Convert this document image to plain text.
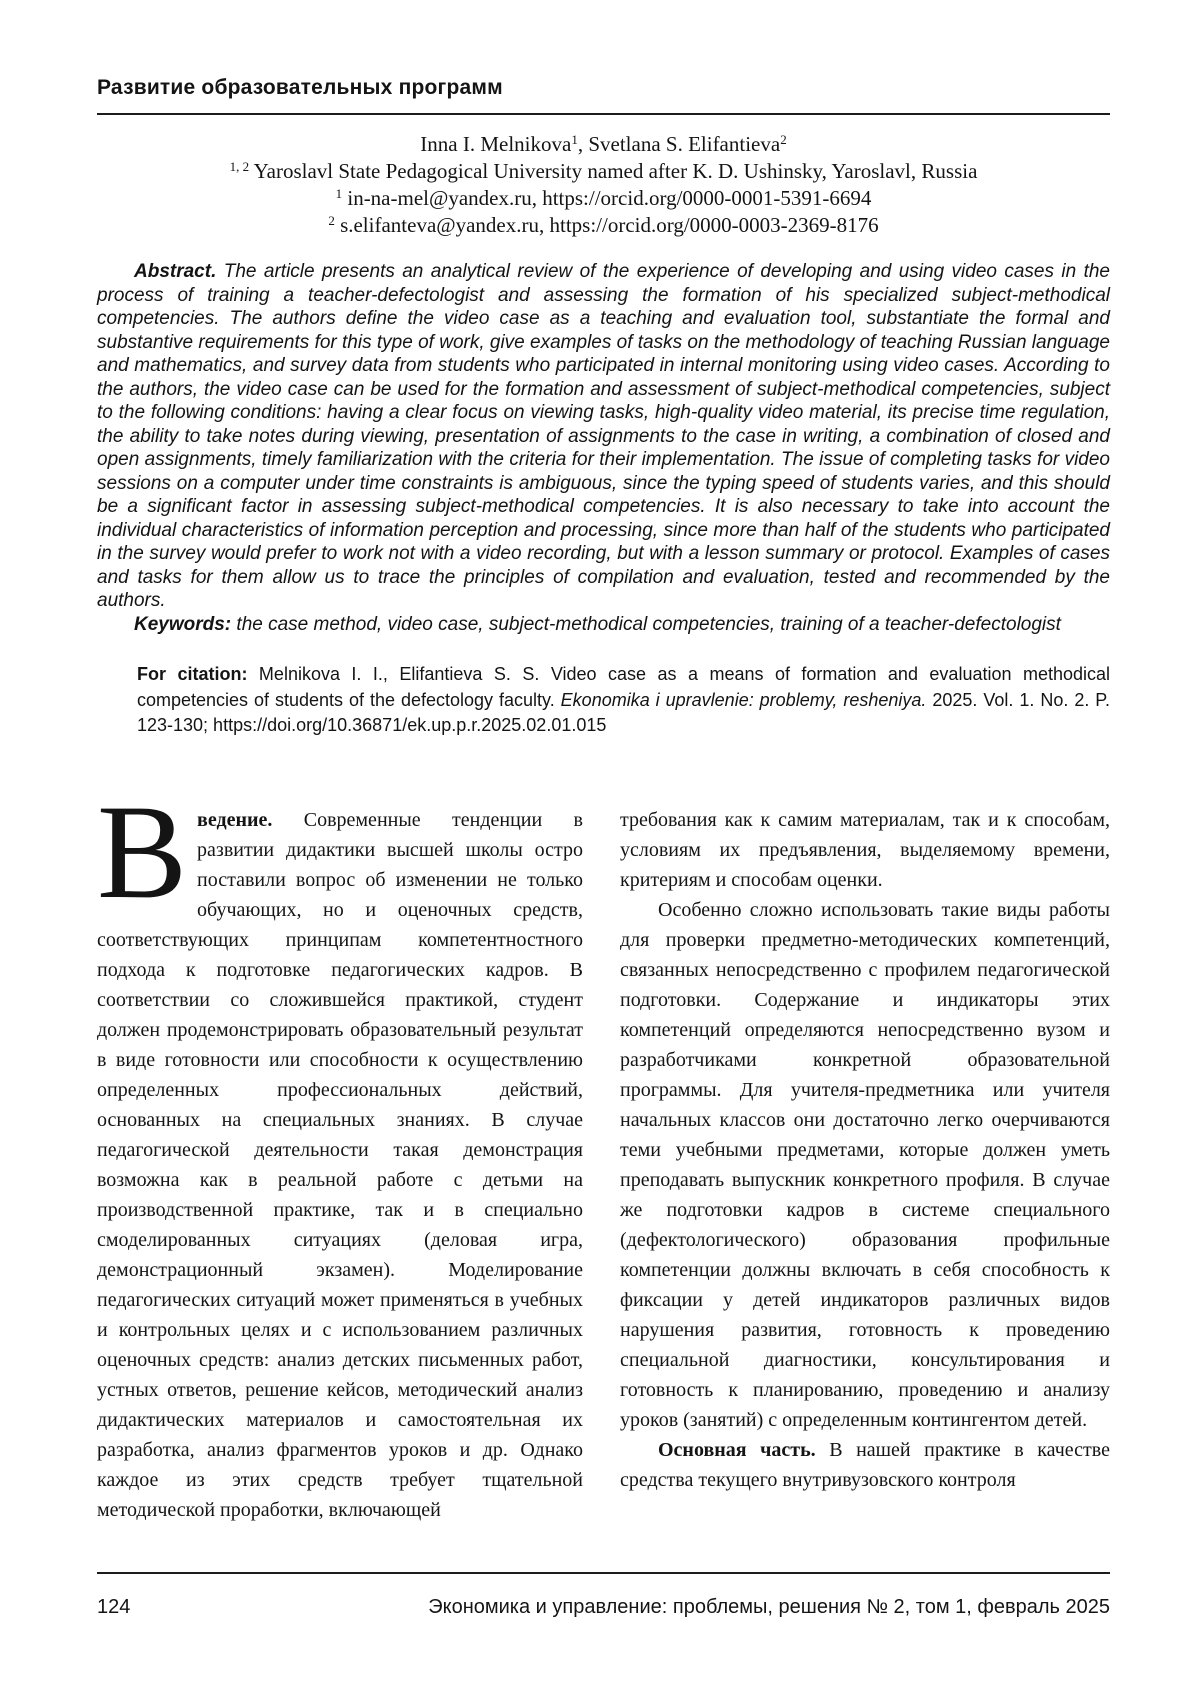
Развитие образовательных программ
Inna I. Melnikova$^1$, Svetlana S. Elifantieva$^2$
$^{1, 2}$ Yaroslavl State Pedagogical University named after K. D. Ushinsky, Yaroslavl, Russia
$^1$ in-na-mel@yandex.ru, https://orcid.org/0000-0001-5391-6694
$^2$ s.elifanteva@yandex.ru, https://orcid.org/0000-0003-2369-8176

Abstract. The article presents an analytical review of the experience of developing and using video cases in the process of training a teacher-defectologist and assessing the formation of his specialized subject-methodical competencies. The authors define the video case as a teaching and evaluation tool, substantiate the formal and substantive requirements for this type of work, give examples of tasks on the methodology of teaching Russian language and mathematics, and survey data from students who participated in internal monitoring using video cases. According to the authors, the video case can be used for the formation and assessment of subject-methodical competencies, subject to the following conditions: having a clear focus on viewing tasks, high-quality video material, its precise time regulation, the ability to take notes during viewing, presentation of assignments to the case in writing, a combination of closed and open assignments, timely familiarization with the criteria for their implementation. The issue of completing tasks for video sessions on a computer under time constraints is ambiguous, since the typing speed of students varies, and this should be a significant factor in assessing subject-methodical competencies. It is also necessary to take into account the individual characteristics of information perception and processing, since more than half of the students who participated in the survey would prefer to work not with a video recording, but with a lesson summary or protocol. Examples of cases and tasks for them allow us to trace the principles of compilation and evaluation, tested and recommended by the authors.

Keywords: the case method, video case, subject-methodical competencies, training of a teacher-defectologist

For citation: Melnikova I. I., Elifantieva S. S. Video case as a means of formation and evaluation methodical competencies of students of the defectology faculty. Ekonomika i upravlenie: problemy, resheniya. 2025. Vol. 1. No. 2. P. 123-130; https://doi.org/10.36871/ek.up.p.r.2025.02.01.015

Введение. Современные тенденции в развитии дидактики высшей школы остро поставили вопрос об изменении не только обучающих, но и оценочных средств, соответствующих принципам компетентностного подхода к подготовке педагогических кадров. В соответствии со сложившейся практикой, студент должен продемонстрировать образовательный результат в виде готовности или способности к осуществлению определенных профессиональных действий, основанных на специальных знаниях. В случае педагогической деятельности такая демонстрация возможна как в реальной работе с детьми на производственной практике, так и в специально смоделированных ситуациях (деловая игра, демонстрационный экзамен). Моделирование педагогических ситуаций может применяться в учебных и контрольных целях и с использованием различных оценочных средств: анализ детских письменных работ, устных ответов, решение кейсов, методический анализ дидактических материалов и самостоятельная их разработка, анализ фрагментов уроков и др. Однако каждое из этих средств требует тщательной методической проработки, включающей

требования как к самим материалам, так и к способам, условиям их предъявления, выделяемому времени, критериям и способам оценки.

Особенно сложно использовать такие виды работы для проверки предметно-методических компетенций, связанных непосредственно с профилем педагогической подготовки. Содержание и индикаторы этих компетенций определяются непосредственно вузом и разработчиками конкретной образовательной программы. Для учителя-предметника или учителя начальных классов они достаточно легко очерчиваются теми учебными предметами, которые должен уметь преподавать выпускник конкретного профиля. В случае же подготовки кадров в системе специального (дефектологического) образования профильные компетенции должны включать в себя способность к фиксации у детей индикаторов различных видов нарушения развития, готовность к проведению специальной диагностики, консультирования и готовность к планированию, проведению и анализу уроков (занятий) с определенным контингентом детей.

Основная часть. В нашей практике в качестве средства текущего внутривузовского контроля

124	Экономика и управление: проблемы, решения № 2, том 1, февраль 2025
